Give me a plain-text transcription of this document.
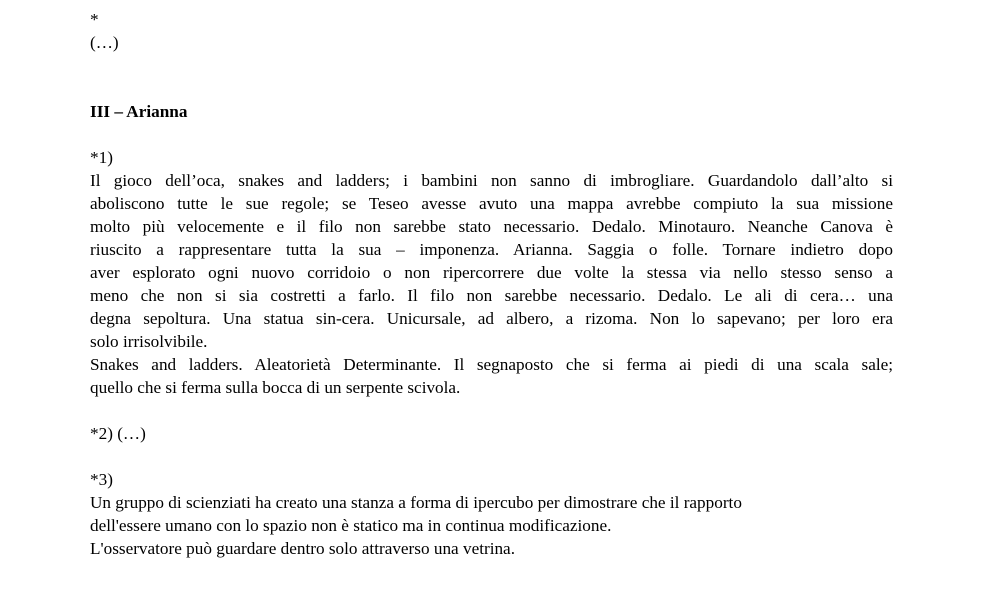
*
(…)
III – Arianna
*1)
Il gioco dell’oca, snakes and ladders; i bambini non sanno di imbrogliare. Guardandolo dall’alto si
aboliscono tutte le sue regole; se Teseo avesse avuto una mappa avrebbe compiuto la sua missione
molto più velocemente e il filo non sarebbe stato necessario. Dedalo. Minotauro. Neanche Canova è
riuscito a rappresentare tutta la sua – imponenza. Arianna. Saggia o folle. Tornare indietro dopo
aver esplorato ogni nuovo corridoio o non ripercorrere due volte la stessa via nello stesso senso a
meno che non si sia costretti a farlo. Il filo non sarebbe necessario. Dedalo. Le ali di cera… una
degna sepoltura. Una statua sin-cera. Unicursale, ad albero, a rizoma. Non lo sapevano; per loro era
solo irrisolvibile.
Snakes and ladders. Aleatorietà Determinante. Il segnaposto che si ferma ai piedi di una scala sale;
quello che si ferma sulla bocca di un serpente scivola.
*2) (…)
*3)
Un gruppo di scienziati ha creato una stanza a forma di ipercubo per dimostrare che il rapporto
dell'essere umano con lo spazio non è statico ma in continua modificazione.
L'osservatore può guardare dentro solo attraverso una vetrina.
